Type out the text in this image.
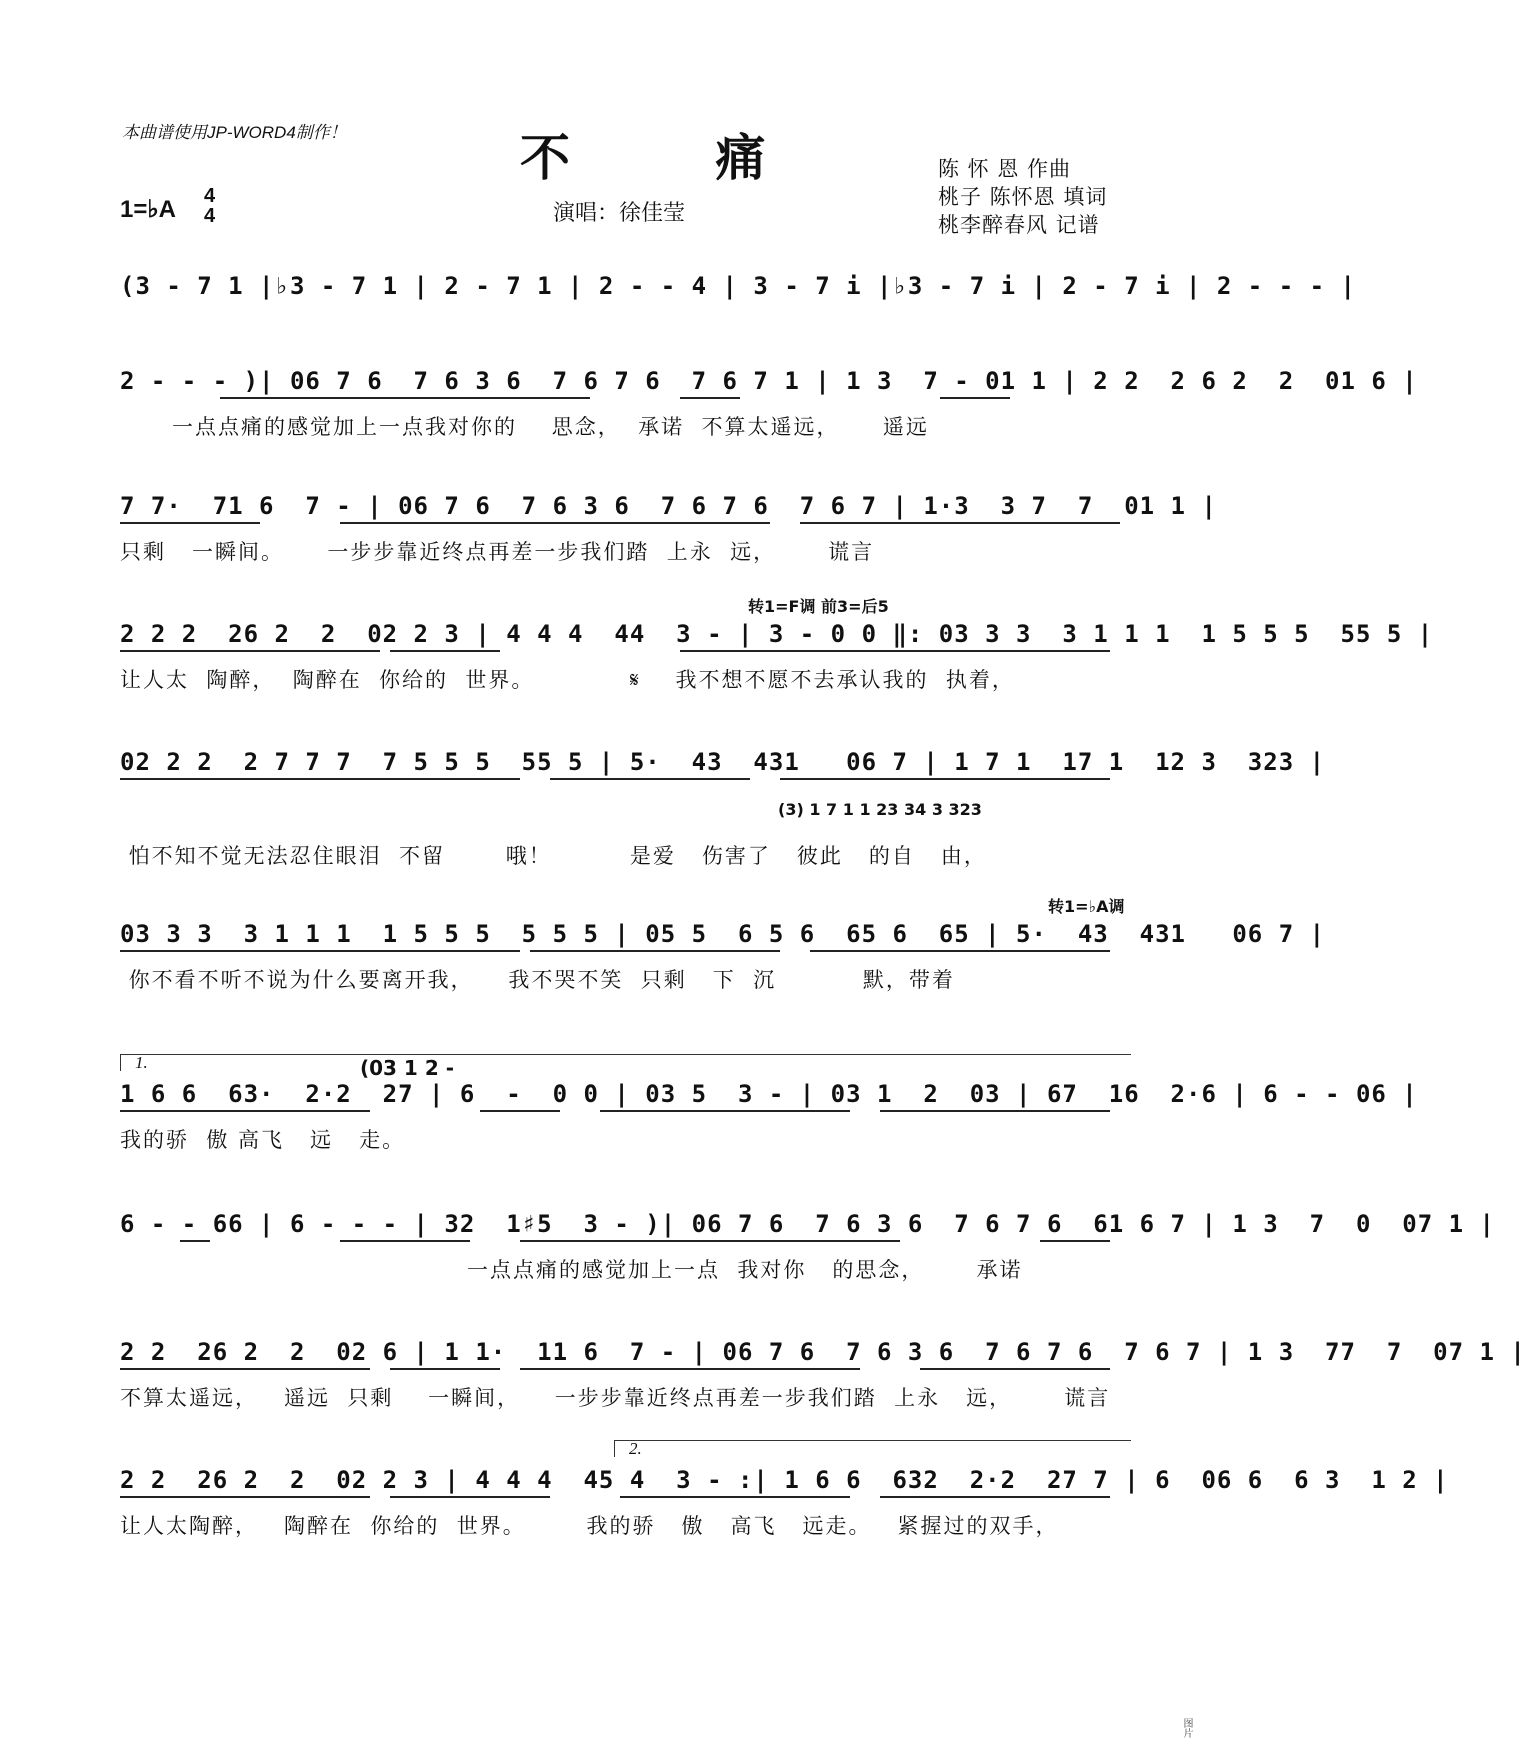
本曲谱使用JP-WORD4制作！	不 痛
1=♭A 4
4	演唱：徐佳莹
陈 怀 恩 作曲
桃子 陈怀恩 填词
桃李醉春风 记谱
(3 - 7 1 |♭3 - 7 1 | 2 - 7 1 | 2 - - 4 | 3 - 7 i |♭3 - 7 i | 2 - 7 i | 2 - - - |
2 - - - )| 06 7 6  7 6 3 6  7 6 7 6  7 6 7 1 | 1 3  7 - 01 1 | 2 2  2 6 2  2  01 6 |
一点点痛的感觉加上一点我对你的    思念，  承诺  不算太遥远，     遥远
7 7·  71 6  7 - | 06 7 6  7 6 3 6  7 6 7 6  7 6 7 | 1·3  3 7  7  01 1 |
只剩   一瞬间。     一步步靠近终点再差一步我们踏  上永  远，      谎言
转1=F调 前3=后5
2 2 2  26 2  2  02 2 3 | 4 4 4  44  3 - | 3 - 0 0 ‖: 03 3 3  3 1 1 1  1 5 5 5  55 5 |
让人太  陶醉，  陶醉在  你给的  世界。           𝄋    我不想不愿不去承认我的  执着，
02 2 2  2 7 7 7  7 5 5 5  55 5 | 5·  43  431   06 7 | 1 7 1  17 1  12 3  323 |
(3) 1 7 1 1 23 34 3 323
怕不知不觉无法忍住眼泪  不留       哦！         是爱   伤害了   彼此   的自   由，
转1=♭A调
03 3 3  3 1 1 1  1 5 5 5  5 5 5 | 05 5  6 5 6  65 6  65 | 5·  43  431   06 7 |
你不看不听不说为什么要离开我，    我不哭不笑  只剩   下  沉          默，带着
1.	(03 1 2 -
1 6 6  63·  2·2  27 | 6  -  0 0 | 03 5  3 - | 03 1  2  03 | 67  16  2·6 | 6 - - 06 |
我的骄  傲 高飞   远   走。
6 - - 66 | 6 - - - | 32  1♯5  3 - )| 06 7 6  7 6 3 6  7 6 7 6  61 6 7 | 1 3  7  0  07 1 |
一点点痛的感觉加上一点  我对你   的思念，      承诺
2 2  26 2  2  02 6 | 1 1·  11 6  7 - | 06 7 6  7 6 3 6  7 6 7 6  7 6 7 | 1 3  77  7  07 1 |
不算太遥远，   遥远  只剩    一瞬间，    一步步靠近终点再差一步我们踏  上永   远，      谎言
2.
2 2  26 2  2  02 2 3 | 4 4 4  45 4  3 - :| 1 6 6  632  2·2  27 7 | 6  06 6  6 3  1 2 |
让人太陶醉，   陶醉在  你给的  世界。       我的骄   傲   高飞   远走。   紧握过的双手，
图片
